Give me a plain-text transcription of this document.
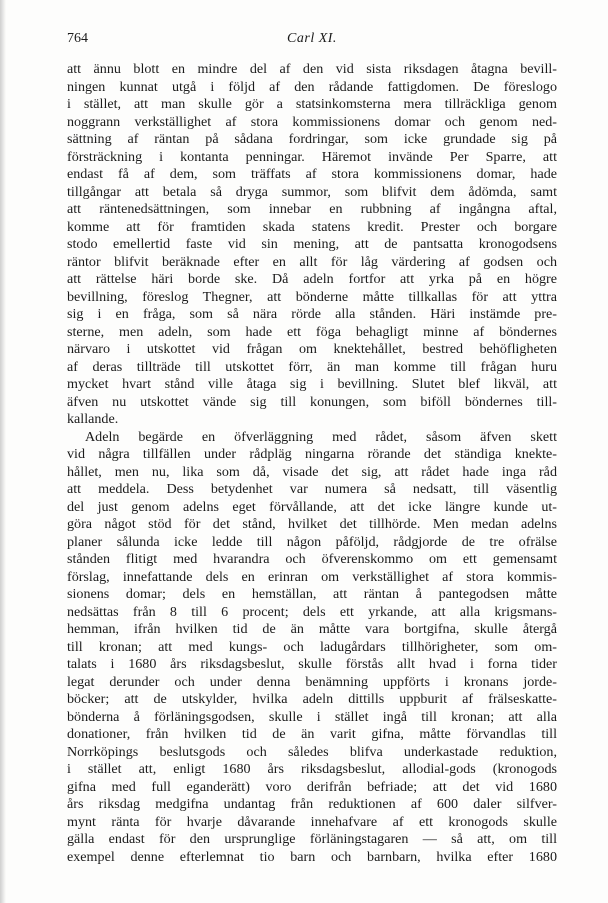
764	Carl XI.
att ännu blott en mindre del af den vid sista riksdagen åtagna bevill-
ningen kunnat utgå i följd af den rådande fattigdomen. De föreslogo
i stället, att man skulle gör a statsinkomsterna mera tillräckliga genom
noggrann verkställighet af stora kommissionens domar och genom ned-
sättning af räntan på sådana fordringar, som icke grundade sig på
försträckning i kontanta penningar. Häremot invände Per Sparre, att
endast få af dem, som träffats af stora kommissionens domar, hade
tillgångar att betala så dryga summor, som blifvit dem ådömda, samt
att räntenedsättningen, som innebar en rubbning af ingångna aftal,
komme att för framtiden skada statens kredit. Prester och borgare
stodo emellertid faste vid sin mening, att de pantsatta kronogodsens
räntor blifvit beräknade efter en allt för låg värdering af godsen och
att rättelse häri borde ske. Då adeln fortfor att yrka på en högre
bevillning, föreslog Thegner, att bönderne måtte tillkallas för att yttra
sig i en fråga, som så nära rörde alla stånden. Häri instämde pre-
sterne, men adeln, som hade ett föga behagligt minne af böndernes
närvaro i utskottet vid frågan om knektehållet, bestred behöfligheten
af deras tillträde till utskottet förr, än man komme till frågan huru
mycket hvart stånd ville åtaga sig i bevillning. Slutet blef likväl, att
äfven nu utskottet vände sig till konungen, som biföll böndernes till-
kallande.
Adeln begärde en öfverläggning med rådet, såsom äfven skett
vid några tillfällen under rådpläg ningarna rörande det ständiga knekte-
hållet, men nu, lika som då, visade det sig, att rådet hade inga råd
att meddela. Dess betydenhet var numera så nedsatt, till väsentlig
del just genom adelns eget förvållande, att det icke längre kunde ut-
göra något stöd för det stånd, hvilket det tillhörde. Men medan adelns
planer sålunda icke ledde till någon påföljd, rådgjorde de tre ofrälse
stånden flitigt med hvarandra och öfverenskommo om ett gemensamt
förslag, innefattande dels en erinran om verkställighet af stora kommis-
sionens domar; dels en hemställan, att räntan å pantegodsen måtte
nedsättas från 8 till 6 procent; dels ett yrkande, att alla krigsmans-
hemman, ifrån hvilken tid de än måtte vara bortgifna, skulle återgå
till kronan; att med kungs- och ladugårdars tillhörigheter, som om-
talats i 1680 års riksdagsbeslut, skulle förstås allt hvad i forna tider
legat derunder och under denna benämning uppförts i kronans jorde-
böcker; att de utskylder, hvilka adeln dittills uppburit af frälseskatte-
bönderna å förläningsgodsen, skulle i stället ingå till kronan; att alla
donationer, från hvilken tid de än varit gifna, måtte förvandlas till
Norrköpings beslutsgods och således blifva underkastade reduktion,
i stället att, enligt 1680 års riksdagsbeslut, allodial-gods (kronogods
gifna med full eganderätt) voro derifrån befriade; att det vid 1680
års riksdag medgifna undantag från reduktionen af 600 daler silfver-
mynt ränta för hvarje dåvarande innehafvare af ett kronogods skulle
gälla endast för den ursprunglige förläningstagaren — så att, om till
exempel denne efterlemnat tio barn och barnbarn, hvilka efter 1680
